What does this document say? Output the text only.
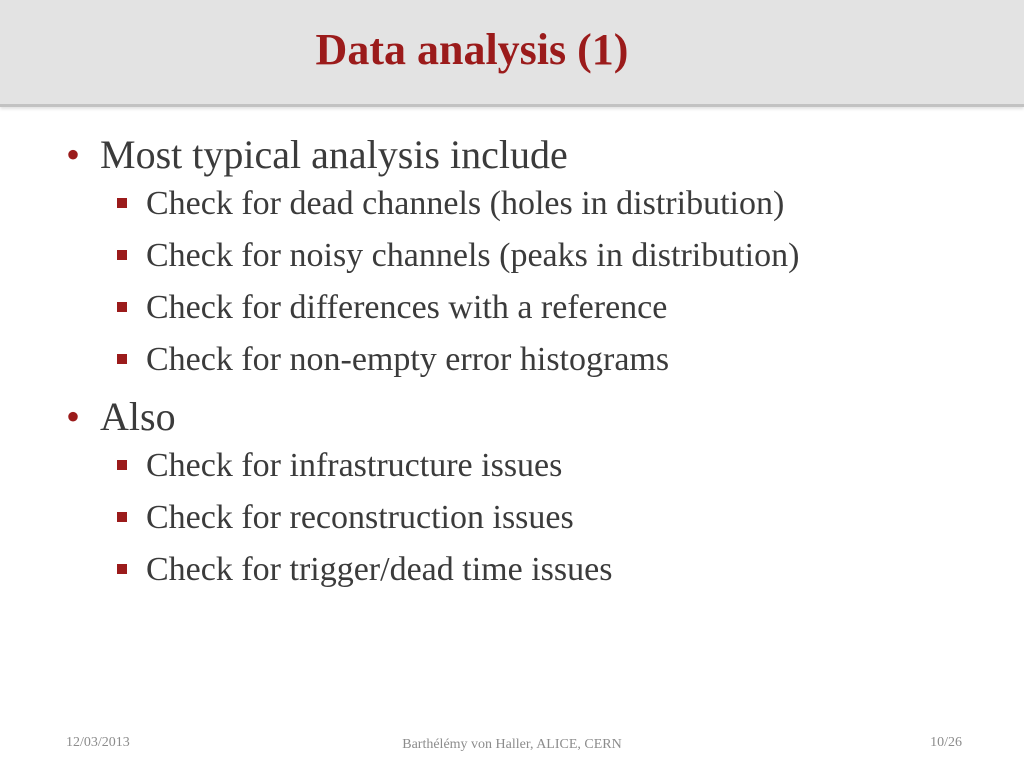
Data analysis (1)
• Most typical analysis include
Check for dead channels (holes in distribution)
Check for noisy channels (peaks in distribution)
Check for differences with a reference
Check for non-empty error histograms
• Also
Check for infrastructure issues
Check for reconstruction issues
Check for trigger/dead time issues
12/03/2013	Barthélémy von Haller, ALICE, CERN	10/26
